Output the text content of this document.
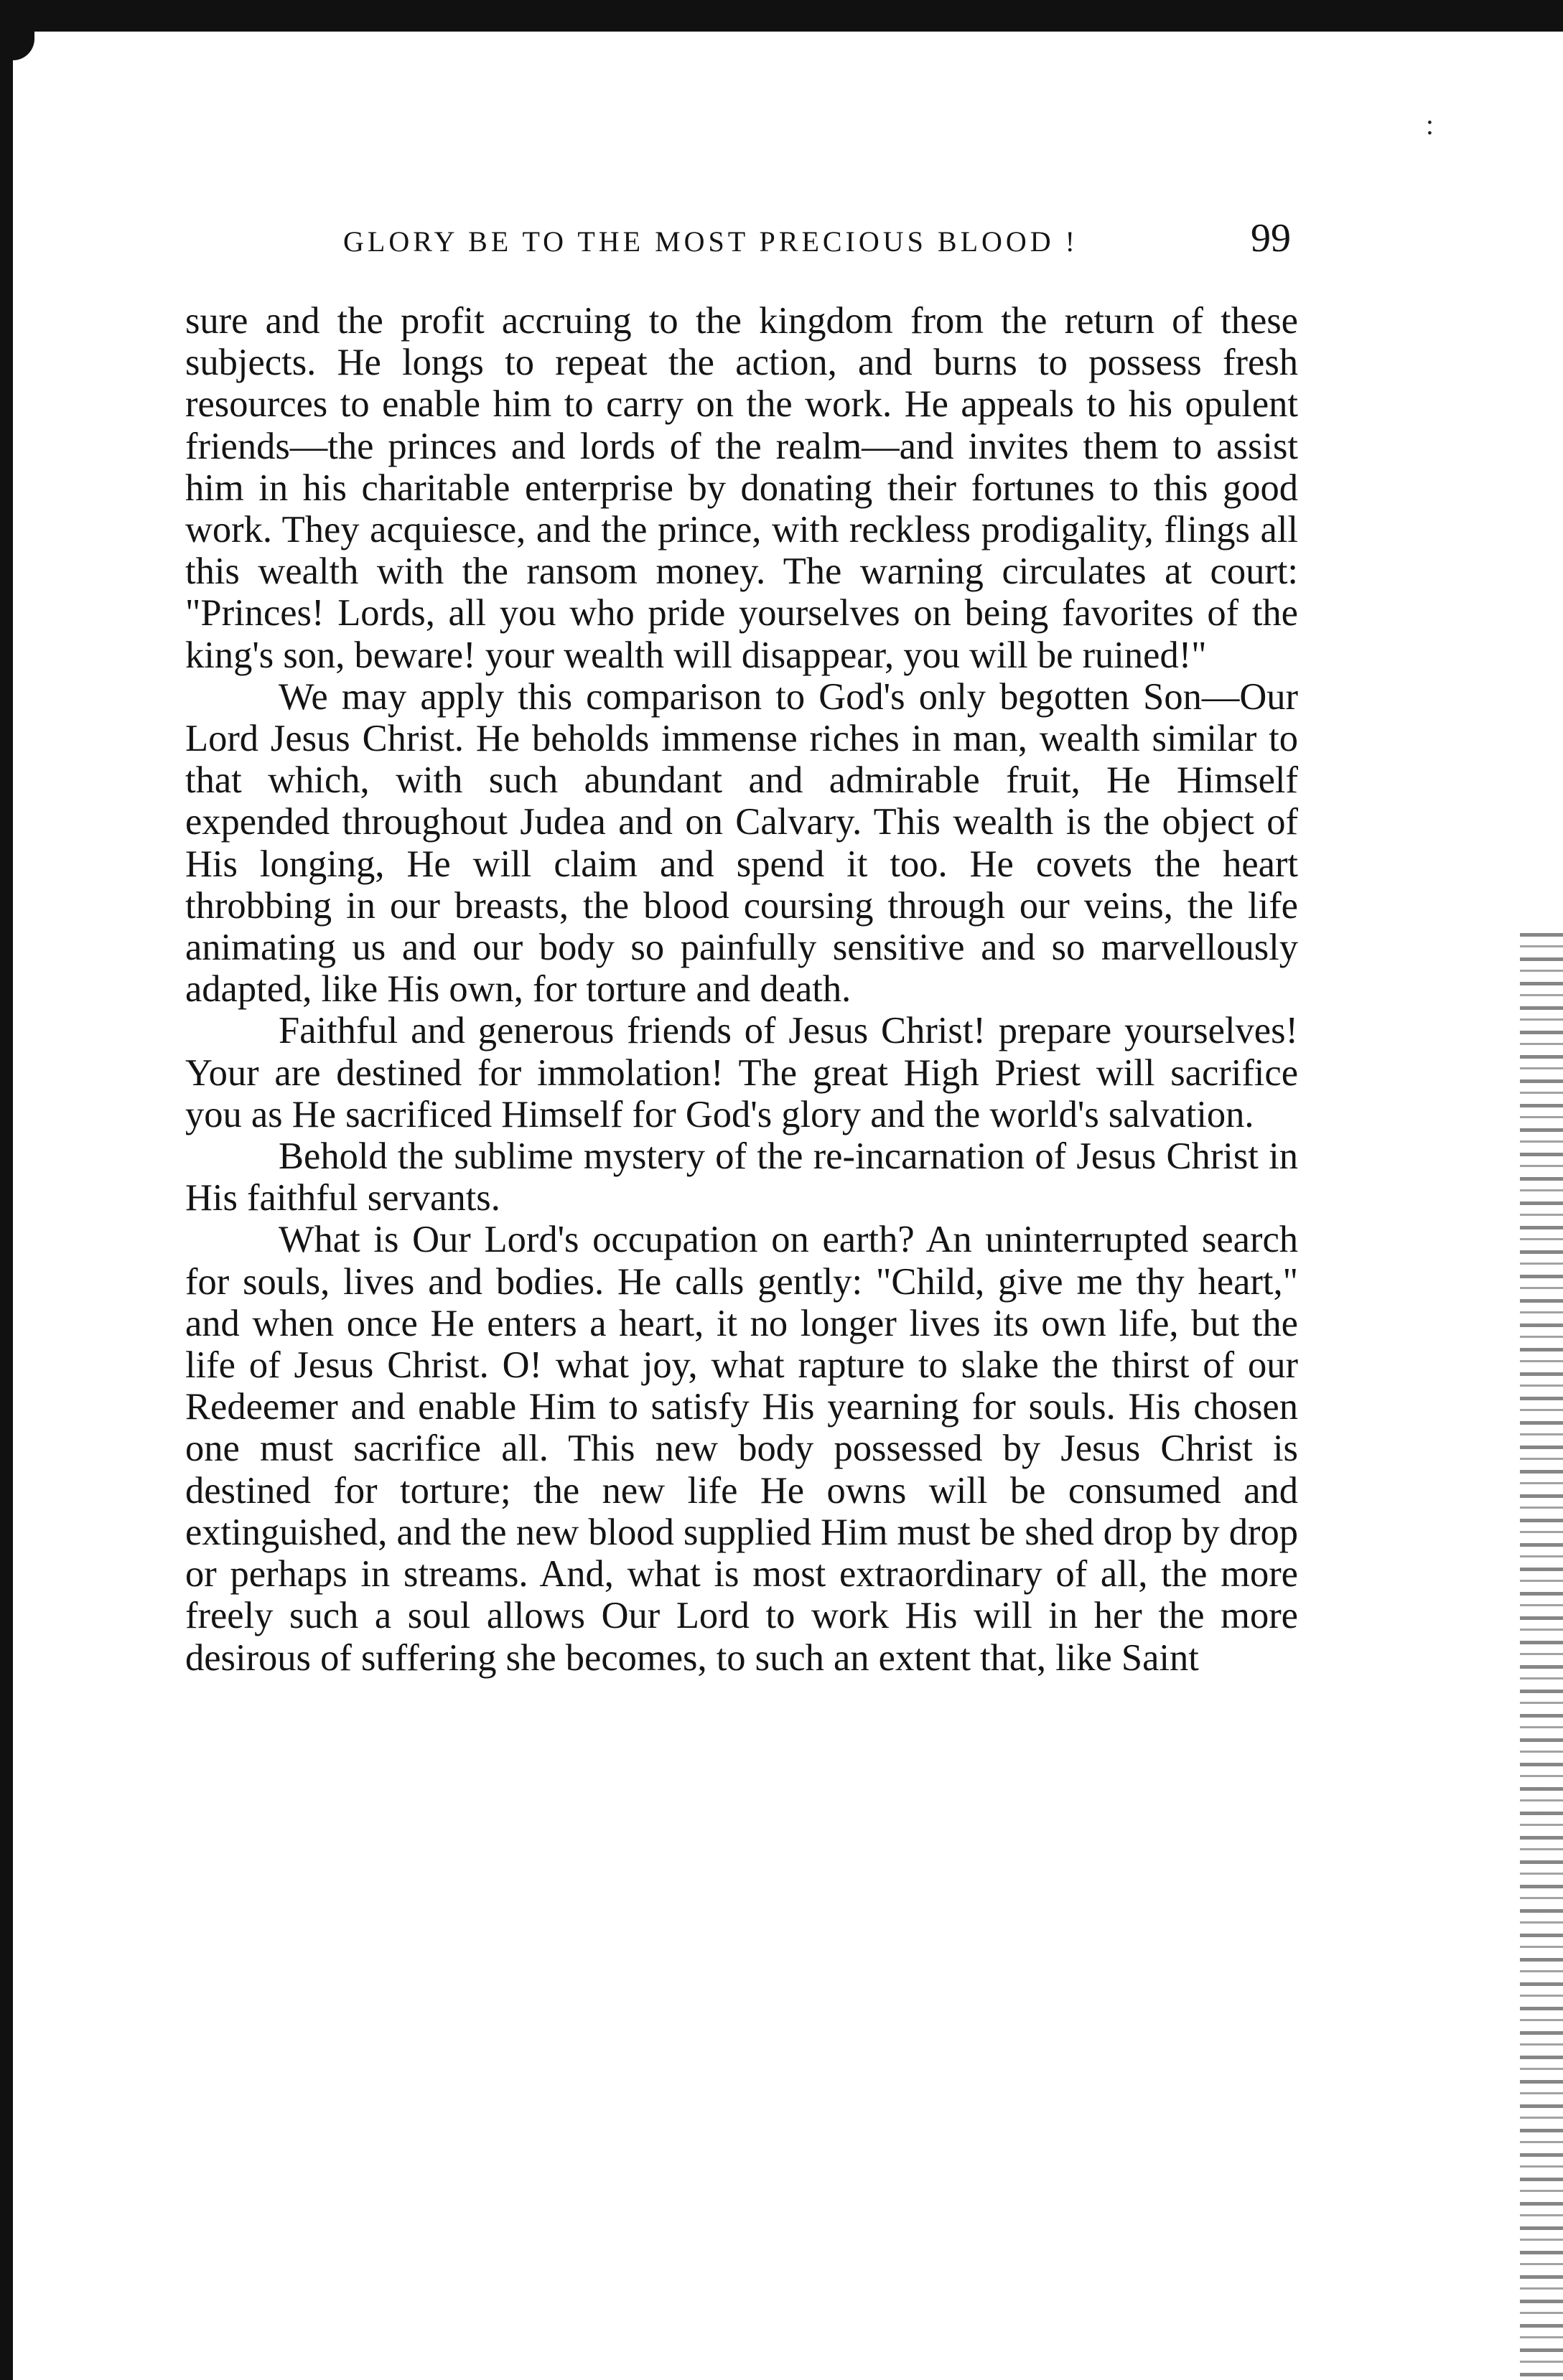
:
GLORY BE TO THE MOST PRECIOUS BLOOD !	99

sure and the profit accruing to the kingdom from the return of these subjects. He longs to repeat the action, and burns to possess fresh resources to enable him to carry on the work. He appeals to his opulent friends—the princes and lords of the realm—and invites them to assist him in his charitable enterprise by donating their fortunes to this good work. They acquiesce, and the prince, with reckless prodigality, flings all this wealth with the ransom money. The warning circulates at court: "Princes! Lords, all you who pride yourselves on being favorites of the king's son, beware! your wealth will disappear, you will be ruined!"

We may apply this comparison to God's only begotten Son—Our Lord Jesus Christ. He beholds immense riches in man, wealth similar to that which, with such abundant and admirable fruit, He Himself expended throughout Judea and on Calvary. This wealth is the object of His longing, He will claim and spend it too. He covets the heart throbbing in our breasts, the blood coursing through our veins, the life animating us and our body so painfully sensitive and so marvellously adapted, like His own, for torture and death.

Faithful and generous friends of Jesus Christ! prepare yourselves! Your are destined for immolation! The great High Priest will sacrifice you as He sacrificed Himself for God's glory and the world's salvation.

Behold the sublime mystery of the re-incarnation of Jesus Christ in His faithful servants.

What is Our Lord's occupation on earth? An uninterrupted search for souls, lives and bodies. He calls gently: "Child, give me thy heart," and when once He enters a heart, it no longer lives its own life, but the life of Jesus Christ. O! what joy, what rapture to slake the thirst of our Redeemer and enable Him to satisfy His yearning for souls. His chosen one must sacrifice all. This new body possessed by Jesus Christ is destined for torture; the new life He owns will be consumed and extinguished, and the new blood supplied Him must be shed drop by drop or perhaps in streams. And, what is most extraordinary of all, the more freely such a soul allows Our Lord to work His will in her the more desirous of suffering she becomes, to such an extent that, like Saint
